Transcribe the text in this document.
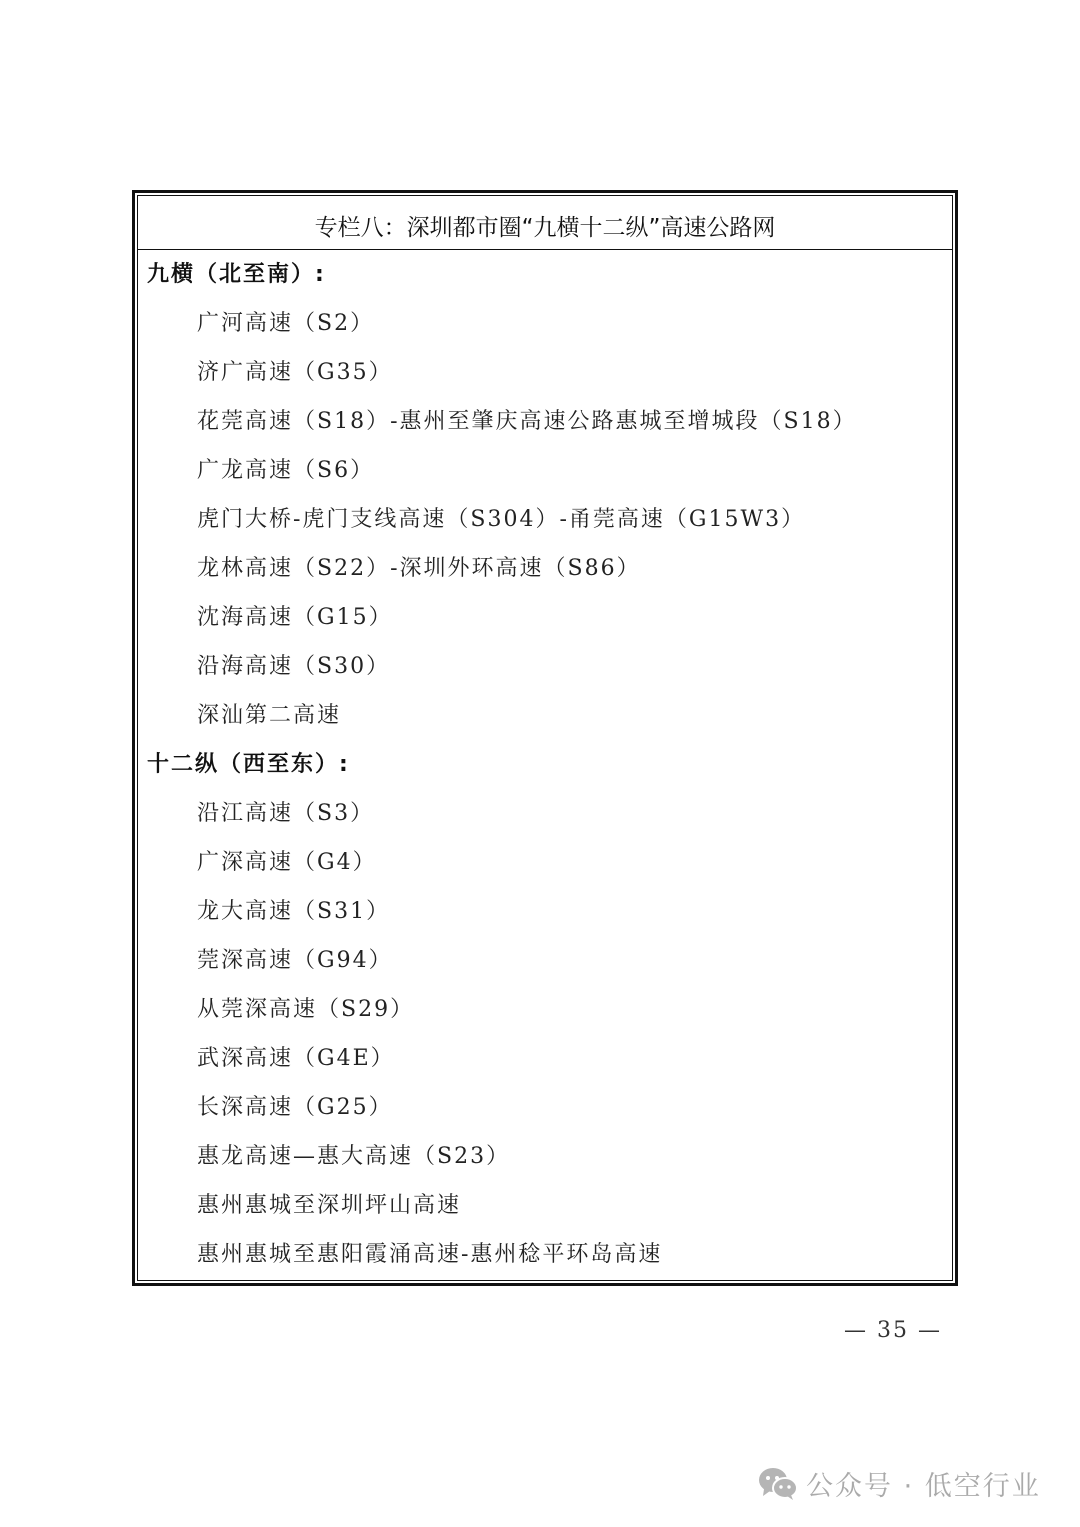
专栏八：深圳都市圈“九横十二纵”高速公路网
九横（北至南）:
广河高速（S2）
济广高速（G35）
花莞高速（S18）-惠州至肇庆高速公路惠城至增城段（S18）
广龙高速（S6）
虎门大桥-虎门支线高速（S304）-甬莞高速（G15W3）
龙林高速（S22）-深圳外环高速（S86）
沈海高速（G15）
沿海高速（S30）
深汕第二高速
十二纵（西至东）:
沿江高速（S3）
广深高速（G4）
龙大高速（S31）
莞深高速（G94）
从莞深高速（S29）
武深高速（G4E）
长深高速（G25）
惠龙高速—惠大高速（S23）
惠州惠城至深圳坪山高速
惠州惠城至惠阳霞涌高速-惠州稔平环岛高速
— 35 —
公众号 · 低空行业
